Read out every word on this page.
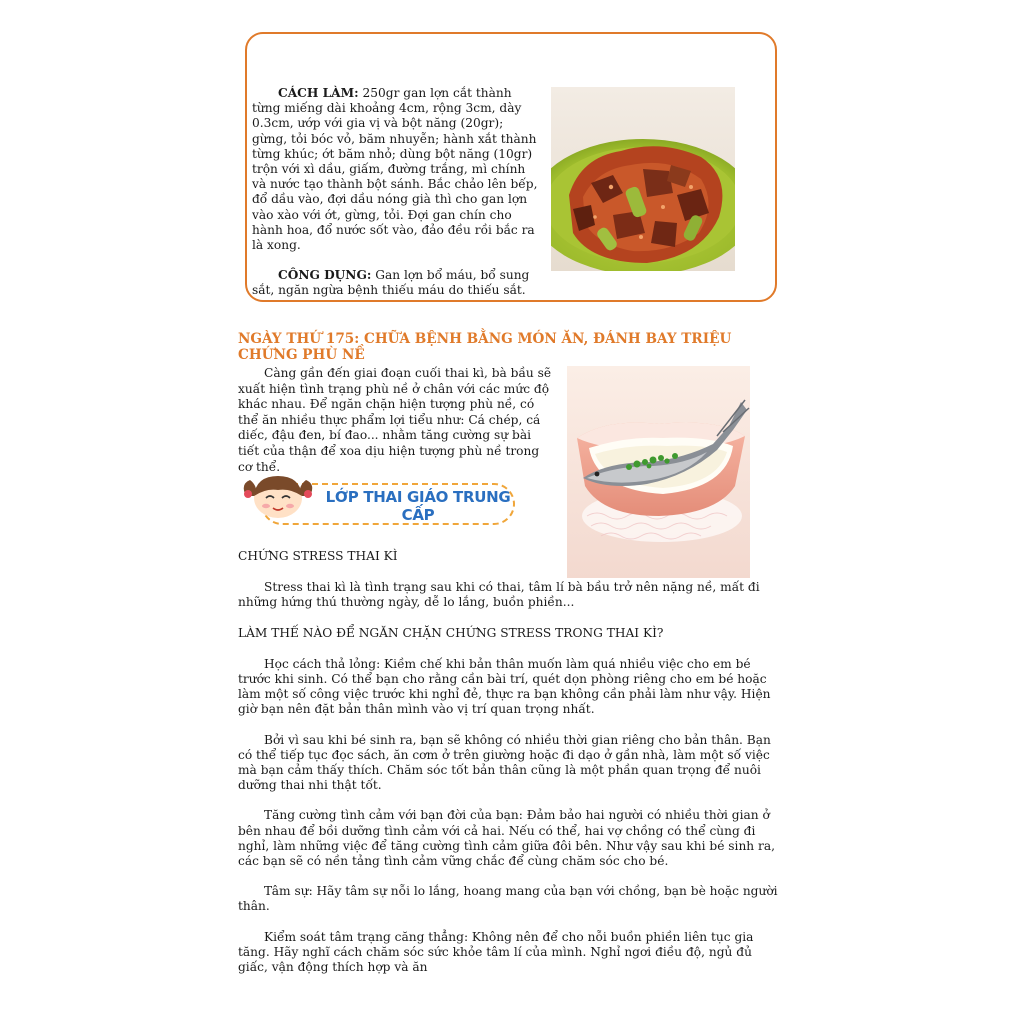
CÁCH LÀM: 250gr gan lợn cắt thành từng miếng dài khoảng 4cm, rộng 3cm, dày 0.3cm, ướp với gia vị và bột năng (20gr); gừng, tỏi bóc vỏ, băm nhuyễn; hành xắt thành từng khúc; ớt băm nhỏ; dùng bột năng (10gr) trộn với xì dầu, giấm, đường trắng, mì chính và nước tạo thành bột sánh. Bắc chảo lên bếp, đổ dầu vào, đợi dầu nóng già thì cho gan lợn vào xào với ớt, gừng, tỏi. Đợi gan chín cho hành hoa, đổ nước sốt vào, đảo đều rồi bắc ra là xong.

CÔNG DỤNG: Gan lợn bổ máu, bổ sung sắt, ngăn ngừa bệnh thiếu máu do thiếu sắt.

NGÀY THỨ 175: CHỮA BỆNH BẰNG MÓN ĂN, ĐÁNH BAY TRIỆU CHỨNG PHÙ NỀ

Càng gần đến giai đoạn cuối thai kì, bà bầu sẽ xuất hiện tình trạng phù nề ở chân với các mức độ khác nhau. Để ngăn chặn hiện tượng phù nề, có thể ăn nhiều thực phẩm lợi tiểu như: Cá chép, cá diếc, đậu đen, bí đao... nhằm tăng cường sự bài tiết của thận để xoa dịu hiện tượng phù nề trong cơ thể.

LỚP THAI GIÁO TRUNG CẤP

CHỨNG STRESS THAI KÌ

Stress thai kì là tình trạng sau khi có thai, tâm lí bà bầu trở nên nặng nề, mất đi những hứng thú thường ngày, dễ lo lắng, buồn phiền...

LÀM THẾ NÀO ĐỂ NGĂN CHẶN CHỨNG STRESS TRONG THAI KÌ?

Học cách thả lỏng: Kiềm chế khi bản thân muốn làm quá nhiều việc cho em bé trước khi sinh. Có thể bạn cho rằng cần bài trí, quét dọn phòng riêng cho em bé hoặc làm một số công việc trước khi nghỉ đẻ, thực ra bạn không cần phải làm như vậy. Hiện giờ bạn nên đặt bản thân mình vào vị trí quan trọng nhất.

Bởi vì sau khi bé sinh ra, bạn sẽ không có nhiều thời gian riêng cho bản thân. Bạn có thể tiếp tục đọc sách, ăn cơm ở trên giường hoặc đi dạo ở gần nhà, làm một số việc mà bạn cảm thấy thích. Chăm sóc tốt bản thân cũng là một phần quan trọng để nuôi dưỡng thai nhi thật tốt.

Tăng cường tình cảm với bạn đời của bạn: Đảm bảo hai người có nhiều thời gian ở bên nhau để bồi dưỡng tình cảm với cả hai. Nếu có thể, hai vợ chồng có thể cùng đi nghỉ, làm những việc để tăng cường tình cảm giữa đôi bên. Như vậy sau khi bé sinh ra, các bạn sẽ có nền tảng tình cảm vững chắc để cùng chăm sóc cho bé.

Tâm sự: Hãy tâm sự nỗi lo lắng, hoang mang của bạn với chồng, bạn bè hoặc người thân.

Kiểm soát tâm trạng căng thẳng: Không nên để cho nỗi buồn phiền liên tục gia tăng. Hãy nghĩ cách chăm sóc sức khỏe tâm lí của mình. Nghỉ ngơi điều độ, ngủ đủ giấc, vận động thích hợp và ăn
